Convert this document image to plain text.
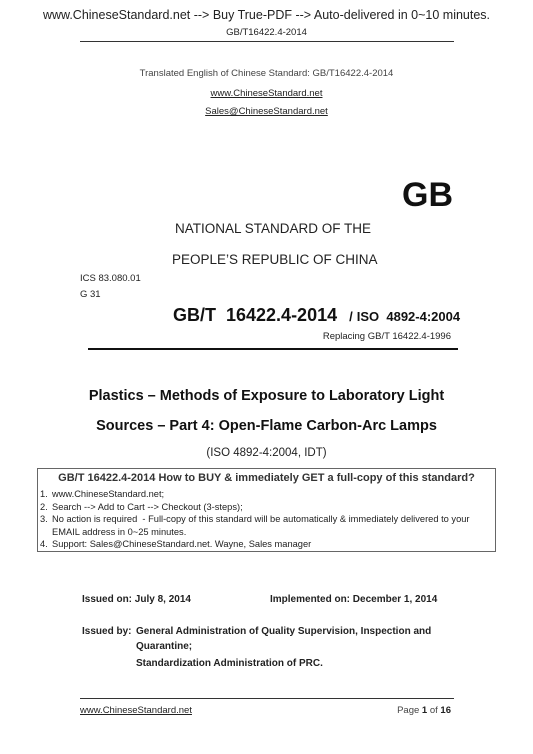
www.ChineseStandard.net --> Buy True-PDF --> Auto-delivered in 0~10 minutes.
GB/T16422.4-2014
Translated English of Chinese Standard: GB/T16422.4-2014
www.ChineseStandard.net
Sales@ChineseStandard.net
GB
NATIONAL STANDARD OF THE
PEOPLE’S REPUBLIC OF CHINA
ICS 83.080.01
G 31
GB/T  16422.4-2014 / ISO  4892-4:2004
Replacing GB/T 16422.4-1996
Plastics – Methods of Exposure to Laboratory Light
Sources – Part 4: Open-Flame Carbon-Arc Lamps
(ISO 4892-4:2004, IDT)
GB/T 16422.4-2014 How to BUY & immediately GET a full-copy of this standard?
1. www.ChineseStandard.net;
2. Search --> Add to Cart --> Checkout (3-steps);
3. No action is required  - Full-copy of this standard will be automatically & immediately delivered to your EMAIL address in 0~25 minutes.
4. Support: Sales@ChineseStandard.net. Wayne, Sales manager
Issued on: July 8, 2014	Implemented on: December 1, 2014
Issued by: General Administration of Quality Supervision, Inspection and
Quarantine;
Standardization Administration of PRC.
www.ChineseStandard.net	Page 1 of 16
